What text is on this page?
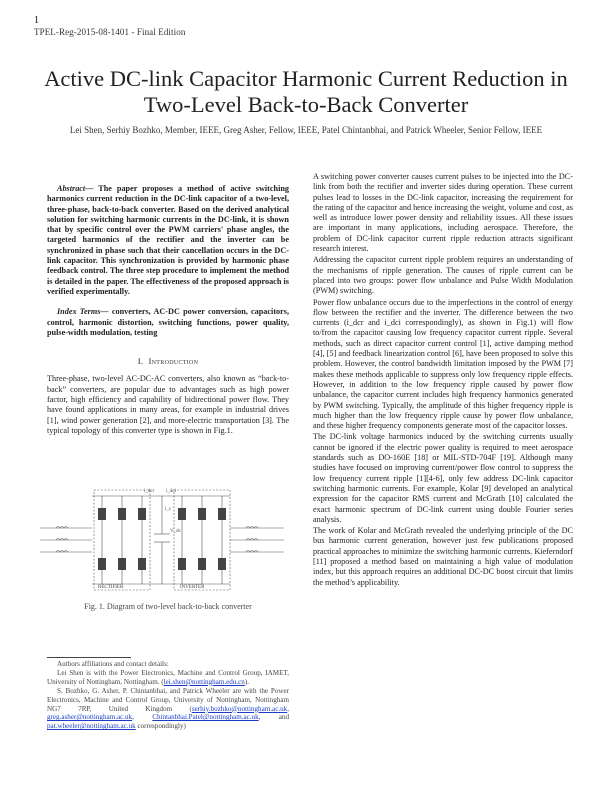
1
TPEL-Reg-2015-08-1401 - Final Edition
Active DC-link Capacitor Harmonic Current Reduction in Two-Level Back-to-Back Converter
Lei Shen, Serhiy Bozhko, Member, IEEE, Greg Asher, Fellow, IEEE, Patel Chintanbhai, and Patrick Wheeler, Senior Fellow, IEEE

Abstract— The paper proposes a method of active switching harmonics current reduction in the DC-link capacitor of a two-level, three-phase, back-to-back converter. Based on the derived analytical solution for switching harmonic currents in the DC-link, it is shown that by specific control over the PWM carriers' phase angles, the targeted harmonics of the rectifier and the inverter can be synchronized in phase such that their cancellation occurs in the DC-link capacitor. This synchronization is provided by harmonic phase feedback control. The three step procedure to implement the method is detailed in the paper. The effectiveness of the proposed approach is verified experimentally.

Index Terms— converters, AC-DC power conversion, capacitors, control, harmonic distortion, switching functions, power quality, pulse-width modulation, testing

I. Introduction

Three-phase, two-level AC-DC-AC converters, also known as “back-to-back” converters, are popular due to advantages such as high power factor, high efficiency and capability of bidirectional power flow. They have found applications in many areas, for example in industrial drives [1], wind power generation [2], and more-electric transportation [3]. The typical topology of this converter type is shown in Fig.1.

RECTIFIER	INVERTER
i_dcr i_dci
V_dc
i_c
Fig. 1. Diagram of two-level back-to-back converter
Authors affiliations and contact details:
Lei Shen is with the Power Electronics, Machine and Control Group, IAMET, University of Nottingham, Nottingham. (lei.shen@nottingham.edu.cn).
S. Bozhko, G. Asher, P. Chintanbhai, and Patrick Wheeler are with the Power Electronics, Machine and Control Group, University of Nottingham, Nottingham NG7 7RP, United Kingdom (serhiy.bozhko@nottingham.ac.uk, greg.asher@nottingham.ac.uk, Chintanbhai.Patel@nottingham.ac.uk, and pat.wheeler@nottingham.ac.uk correspondingly)

A switching power converter causes current pulses to be injected into the DC-link from both the rectifier and inverter sides during operation. These current pulses lead to losses in the DC-link capacitor, increasing the requirement for the rating of the capacitor and hence increasing the weight, volume and cost, as well as introduce lower power density and reliability issues. All these issues are important in many applications, including aerospace. Therefore, the problem of DC-link capacitor current ripple reduction attracts significant research interest.

Addressing the capacitor current ripple problem requires an understanding of the mechanisms of ripple generation. The causes of ripple current can be placed into two groups: power flow unbalance and Pulse Width Modulation (PWM) switching.

Power flow unbalance occurs due to the imperfections in the control of energy flow between the rectifier and the inverter. The difference between the two currents (i_dcr and i_dci correspondingly), as shown in Fig.1) will flow to/from the capacitor causing low frequency capacitor current ripple. Several methods, such as direct capacitor current control [1], active damping method [4], [5] and feedback linearization control [6], have been proposed to solve this problem. However, the control bandwidth limitation imposed by the PWM [7] makes these methods applicable to suppress only low frequency ripple effects. However, in addition to the low frequency ripple caused by power flow unbalance, the capacitor current includes high frequency harmonics generated by PWM switching. Typically, the amplitude of this higher frequency ripple is much higher than the low frequency ripple cause by power flow unbalance, and these higher frequency components generate most of the capacitor losses.

The DC-link voltage harmonics induced by the switching currents usually cannot be ignored if the electric power quality is required to meet aerospace standards such as DO-160E [18] or MIL-STD-704F [19]. Although many studies have focused on improving current/power flow control to suppress the low frequency current ripple [1][4-6], only few address DC-link capacitor switching harmonic currents. For example, Kolar [9] developed an analytical expression for the capacitor RMS current and McGrath [10] calculated the exact harmonic spectrum of DC-link current using double Fourier series analysis.

The work of Kolar and McGrath revealed the underlying principle of the DC bus harmonic current generation, however just few publications proposed practical approaches to minimize the switching harmonic currents. Kieferndorf [11] proposed a method based on maintaining a high value of modulation index, but this approach requires an additional DC-DC boost circuit that limits the method’s applicability.
